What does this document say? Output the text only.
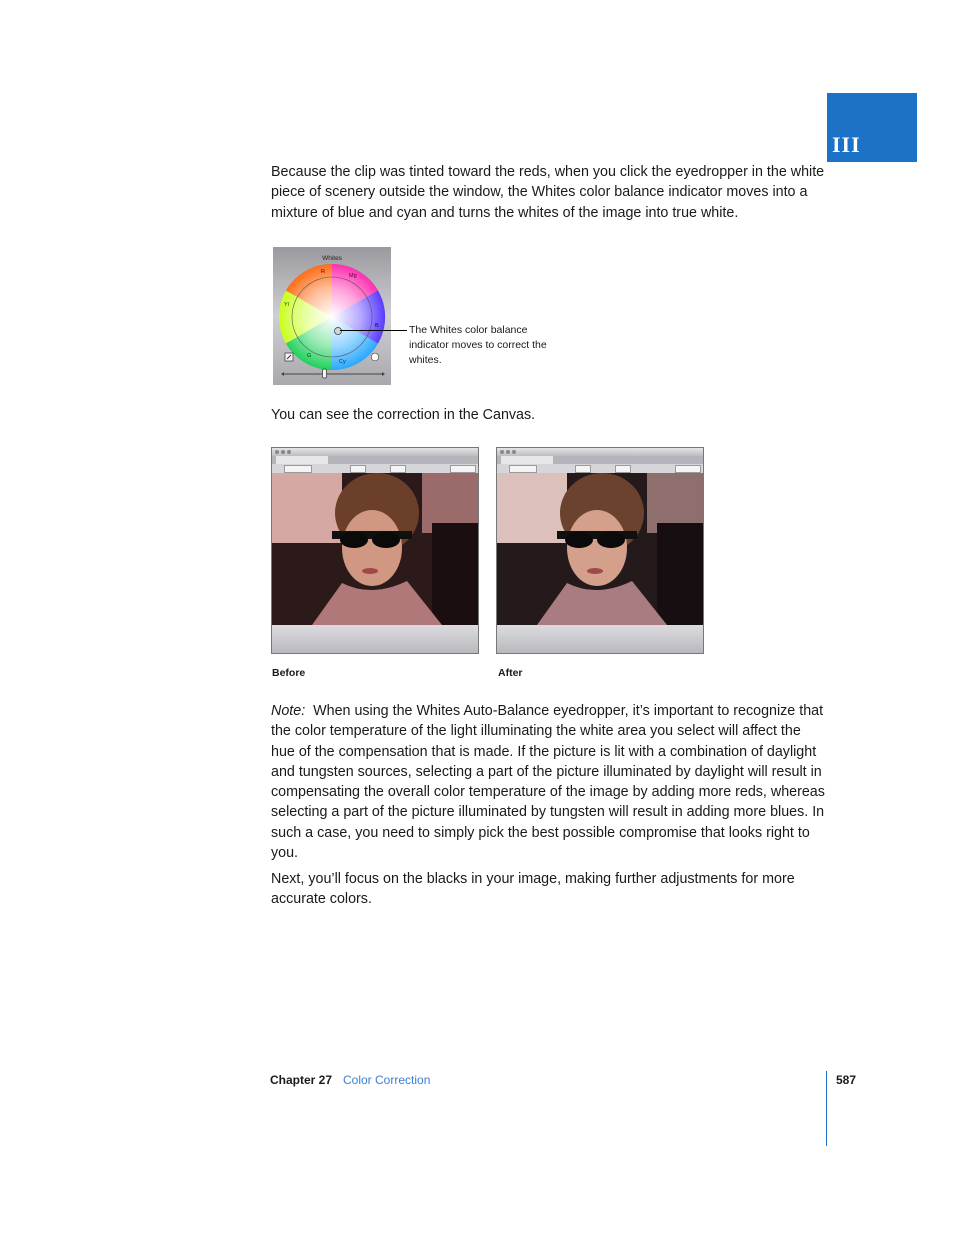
III

Because the clip was tinted toward the reds, when you click the eyedropper in the white piece of scenery outside the window, the Whites color balance indicator moves into a mixture of blue and cyan and turns the whites of the image into true white.

Whites
R
Mg
Yl
B
G
Cy
The Whites color balance indicator moves to correct the whites.

You can see the correction in the Canvas.

Before	After

Note: When using the Whites Auto-Balance eyedropper, it’s important to recognize that the color temperature of the light illuminating the white area you select will affect the hue of the compensation that is made. If the picture is lit with a combination of daylight and tungsten sources, selecting a part of the picture illuminated by daylight will result in compensating the overall color temperature of the image by adding more reds, whereas selecting a part of the picture illuminated by tungsten will result in adding more blues. In such a case, you need to simply pick the best possible compromise that looks right to you.

Next, you’ll focus on the blacks in your image, making further adjustments for more accurate colors.

Chapter 27 Color Correction	587
